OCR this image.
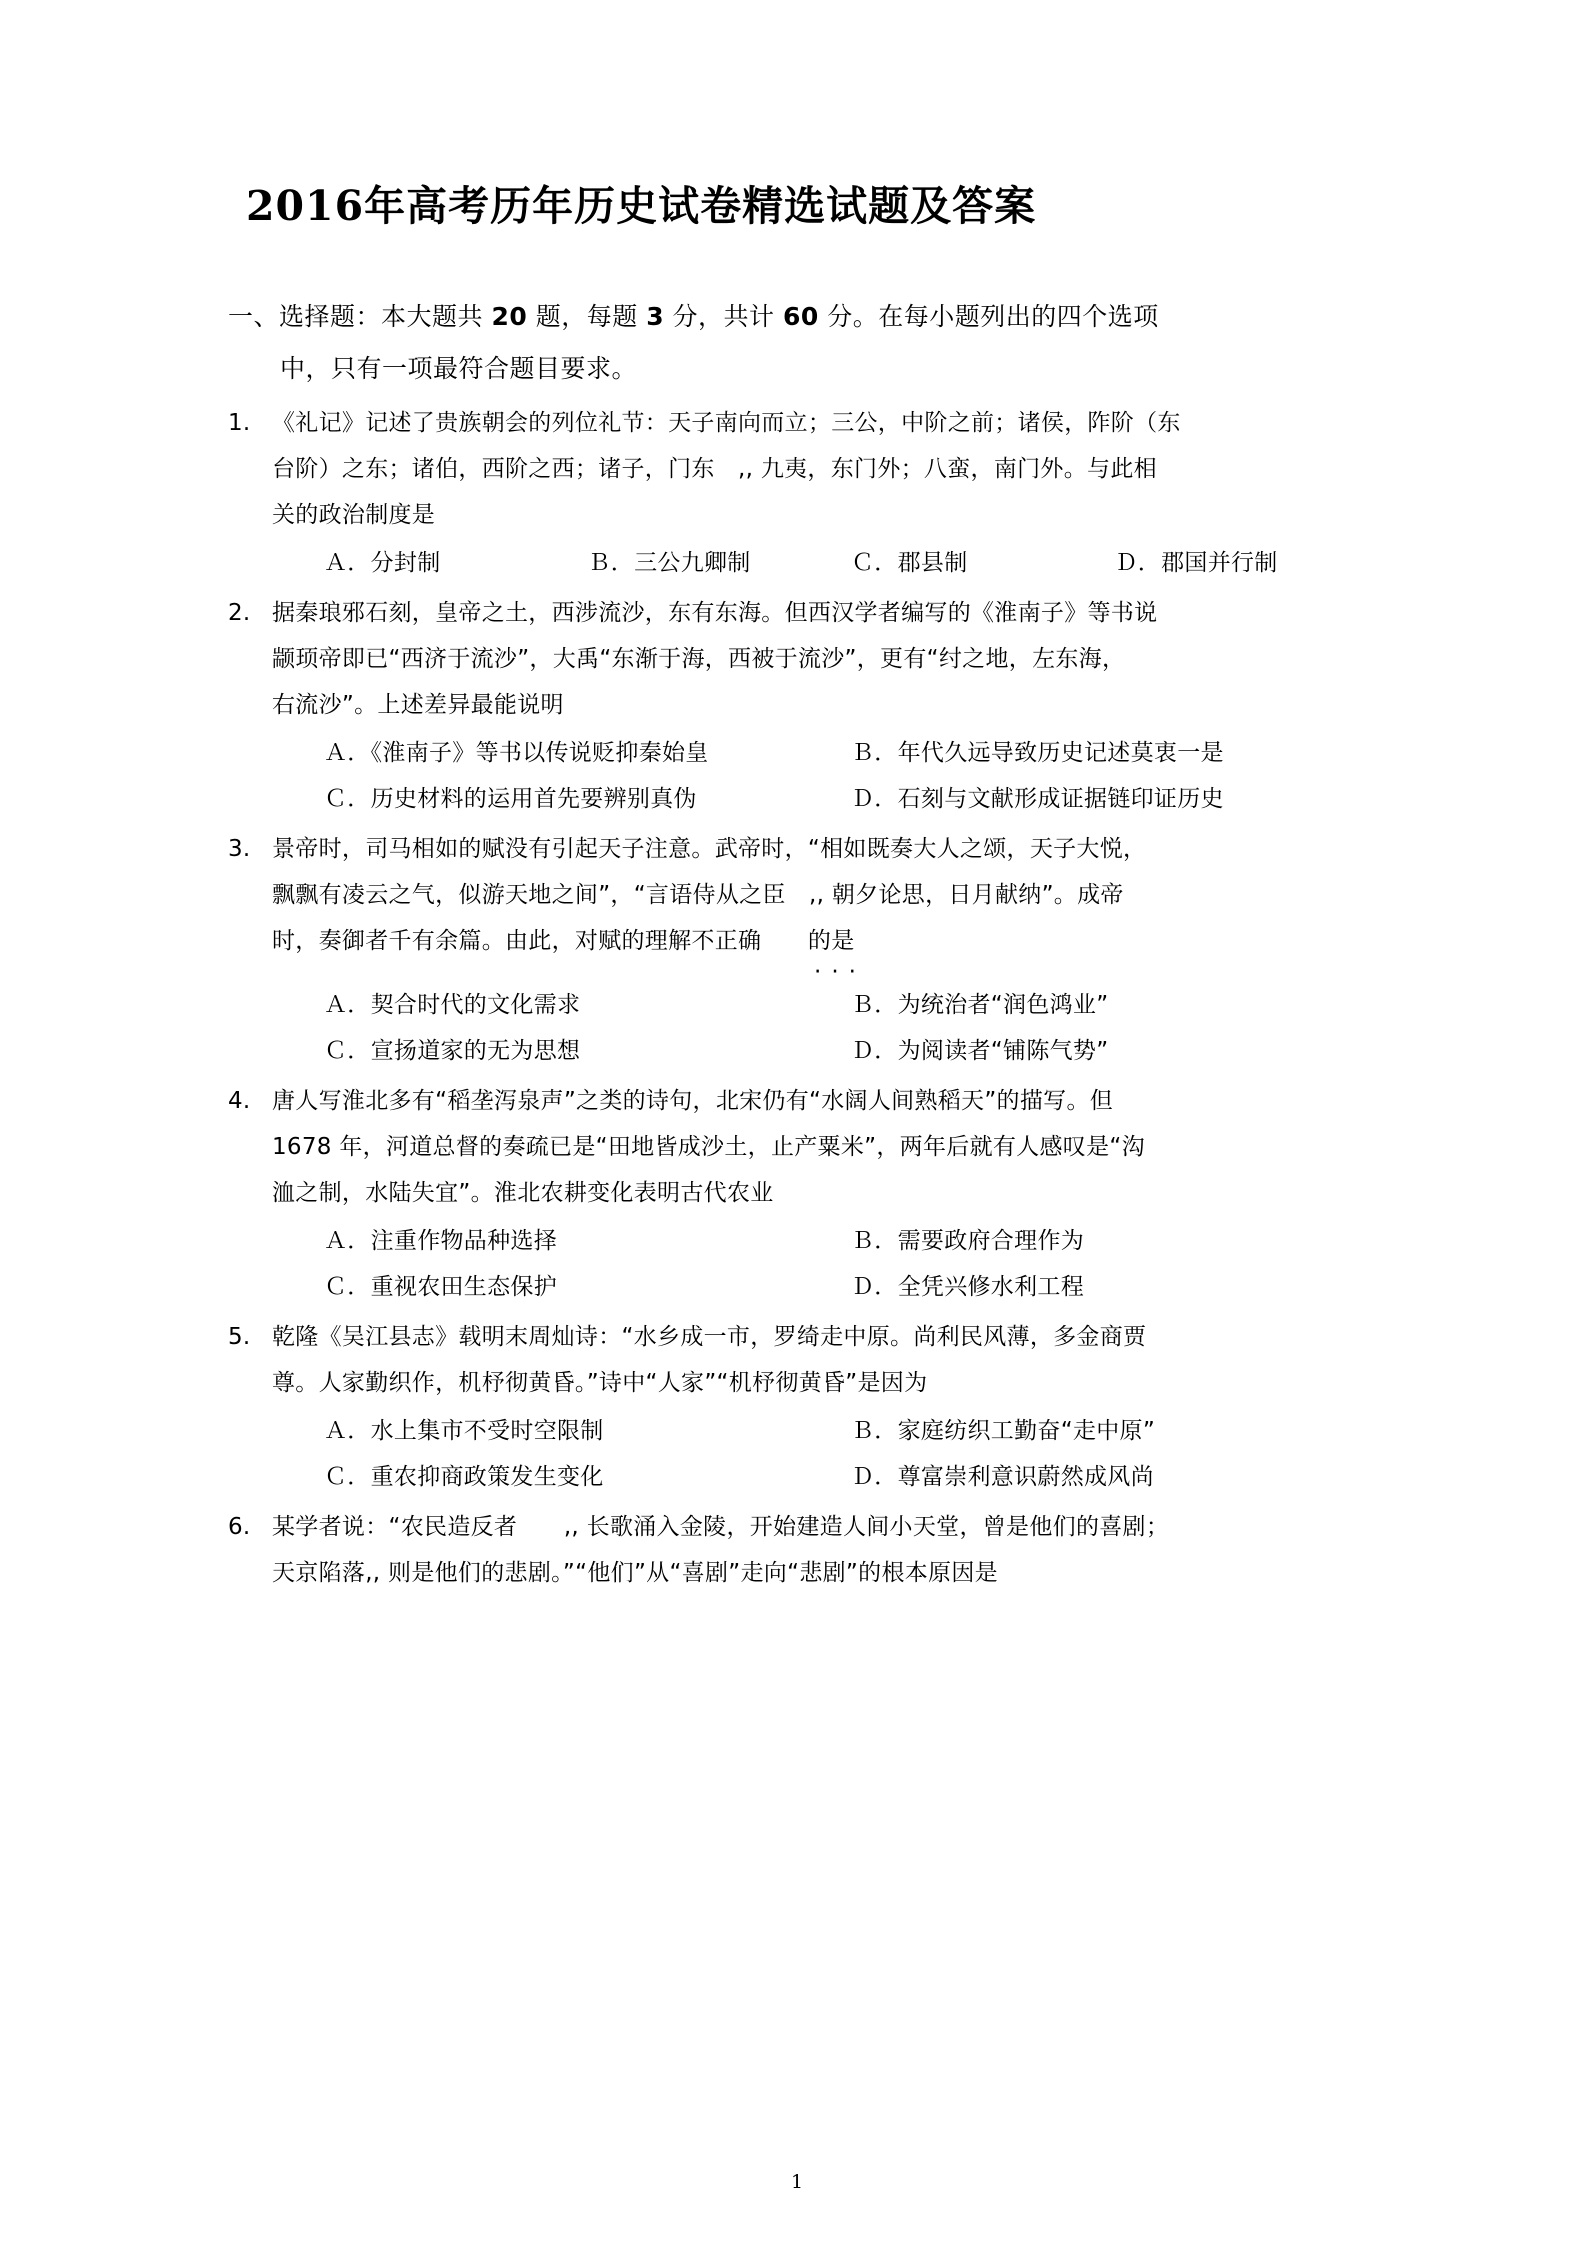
2016年高考历年历史试卷精选试题及答案
一、选择题：本大题共 20 题，每题 3 分，共计 60 分。在每小题列出的四个选项
中，只有一项最符合题目要求。
1. 《礼记》记述了贵族朝会的列位礼节：天子南向而立；三公，中阶之前；诸侯，阼阶（东

台阶）之东；诸伯，西阶之西；诸子，门东　,, 九夷，东门外；八蛮，南门外。与此相

关的政治制度是

Ａ．分封制	Ｂ．三公九卿制	Ｃ．郡县制	Ｄ．郡国并行制
2. 据秦琅邪石刻，皇帝之土，西涉流沙，东有东海。但西汉学者编写的《淮南子》等书说

颛顼帝即已“西济于流沙”，大禹“东渐于海，西被于流沙”，更有“纣之地，左东海，

右流沙”。上述差异最能说明

Ａ．《淮南子》等书以传说贬抑秦始皇	Ｂ．年代久远导致历史记述莫衷一是
Ｃ．历史材料的运用首先要辨别真伪	Ｄ．石刻与文献形成证据链印证历史
3. 景帝时，司马相如的赋没有引起天子注意。武帝时，“相如既奏大人之颂，天子大悦，

飘飘有凌云之气，似游天地之间”，“言语侍从之臣　,, 朝夕论思，日月献纳”。成帝

时，奏御者千有余篇。由此，对赋的理解不正确　　的是

···
Ａ．契合时代的文化需求	Ｂ．为统治者“润色鸿业”
Ｃ．宣扬道家的无为思想	Ｄ．为阅读者“铺陈气势”
4. 唐人写淮北多有“稻垄泻泉声”之类的诗句，北宋仍有“水阔人间熟稻天”的描写。但

1678 年，河道总督的奏疏已是“田地皆成沙土，止产粟米”，两年后就有人感叹是“沟

洫之制，水陆失宜”。淮北农耕变化表明古代农业

Ａ．注重作物品种选择	Ｂ．需要政府合理作为
Ｃ．重视农田生态保护	Ｄ．全凭兴修水利工程
5. 乾隆《吴江县志》载明末周灿诗：“水乡成一市，罗绮走中原。尚利民风薄，多金商贾

尊。人家勤织作，机杼彻黄昏。”诗中“人家”“机杼彻黄昏”是因为

Ａ．水上集市不受时空限制	Ｂ．家庭纺织工勤奋“走中原”
Ｃ．重农抑商政策发生变化	Ｄ．尊富崇利意识蔚然成风尚
6. 某学者说：“农民造反者　　,, 长歌涌入金陵，开始建造人间小天堂，曾是他们的喜剧；

天京陷落,, 则是他们的悲剧。”“他们”从“喜剧”走向“悲剧”的根本原因是

1
